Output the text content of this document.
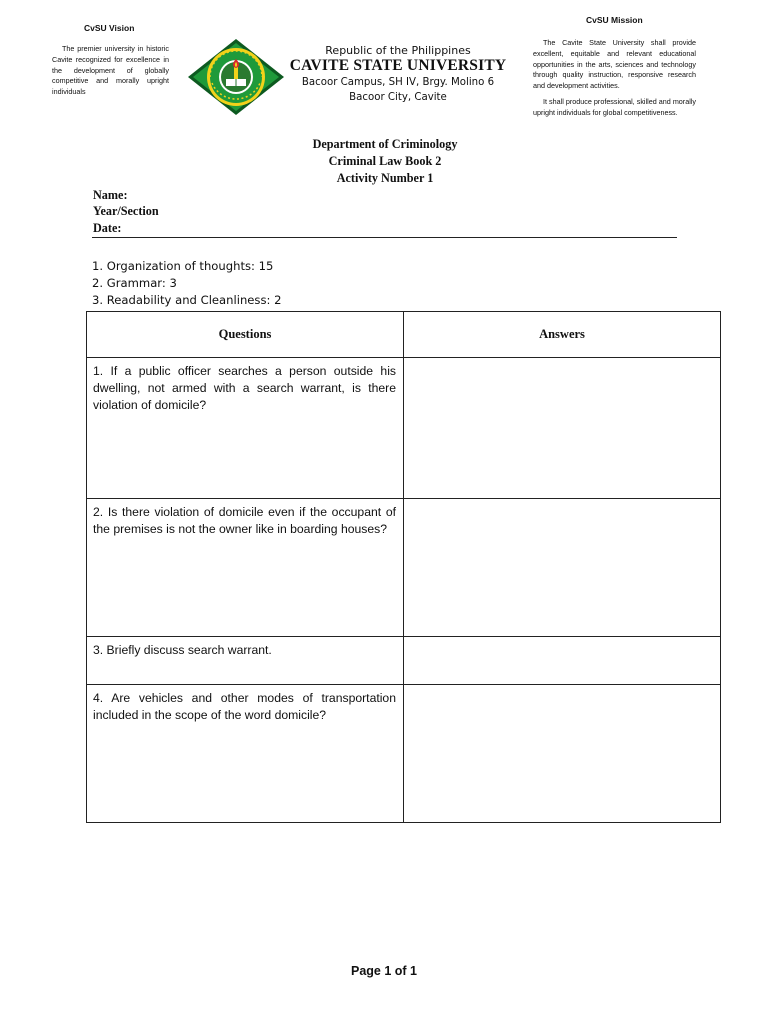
CvSU Vision
The premier university in historic Cavite recognized for excellence in the development of globally competitive and morally upright individuals
CvSU Mission
The Cavite State University shall provide excellent, equitable and relevant educational opportunities in the arts, sciences and technology through quality instruction, responsive research and development activities.
It shall produce professional, skilled and morally upright individuals for global competitiveness.
Republic of the Philippines
CAVITE STATE UNIVERSITY
Bacoor Campus, SH IV, Brgy. Molino 6
Bacoor City, Cavite
Department of Criminology
Criminal Law Book 2
Activity Number 1
Name:
Year/Section
Date:
1. Organization of thoughts: 15
2. Grammar: 3
3. Readability and Cleanliness: 2
Questions	Answers
1. If a public officer searches a person outside his dwelling, not armed with a search warrant, is there violation of domicile?	
2. Is there violation of domicile even if the occupant of the premises is not the owner like in boarding houses?	
3. Briefly discuss search warrant.	
4. Are vehicles and other modes of transportation included in the scope of the word domicile?	
Page 1 of 1
